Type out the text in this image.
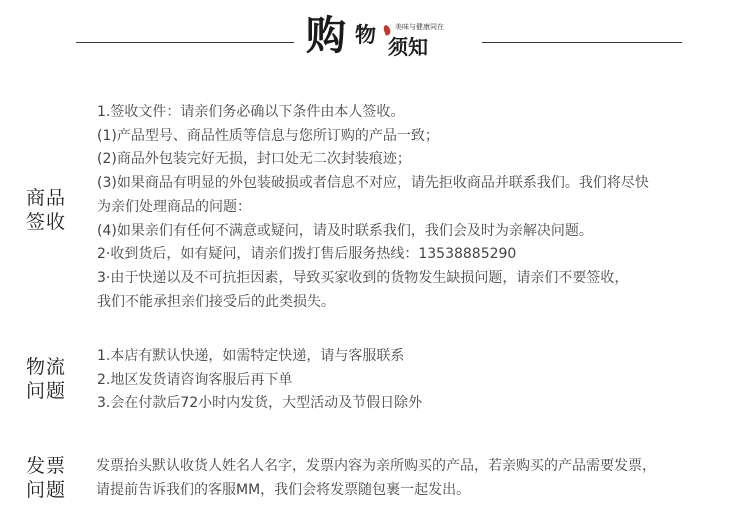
购 物	美味与健康同在
须知
商品
签收
1.签收文件：请亲们务必确以下条件由本人签收。
(1)产品型号、商品性质等信息与您所订购的产品一致；
(2)商品外包装完好无损，封口处无二次封装痕迹；
(3)如果商品有明显的外包装破损或者信息不对应，请先拒收商品并联系我们。我们将尽快
为亲们处理商品的问题：
(4)如果亲们有任何不满意或疑问，请及时联系我们，我们会及时为亲解决问题。
2·收到货后，如有疑问，请亲们拨打售后服务热线：13538885290
3·由于快递以及不可抗拒因素，导致买家收到的货物发生缺损问题，请亲们不要签收，
我们不能承担亲们接受后的此类损失。
物流
问题
1.本店有默认快递，如需特定快递，请与客服联系
2.地区发货请咨询客服后再下单
3.会在付款后72小时内发货，大型活动及节假日除外
发票
问题
发票抬头默认收货人姓名人名字，发票内容为亲所购买的产品，若亲购买的产品需要发票，
请提前告诉我们的客服MM，我们会将发票随包裹一起发出。
